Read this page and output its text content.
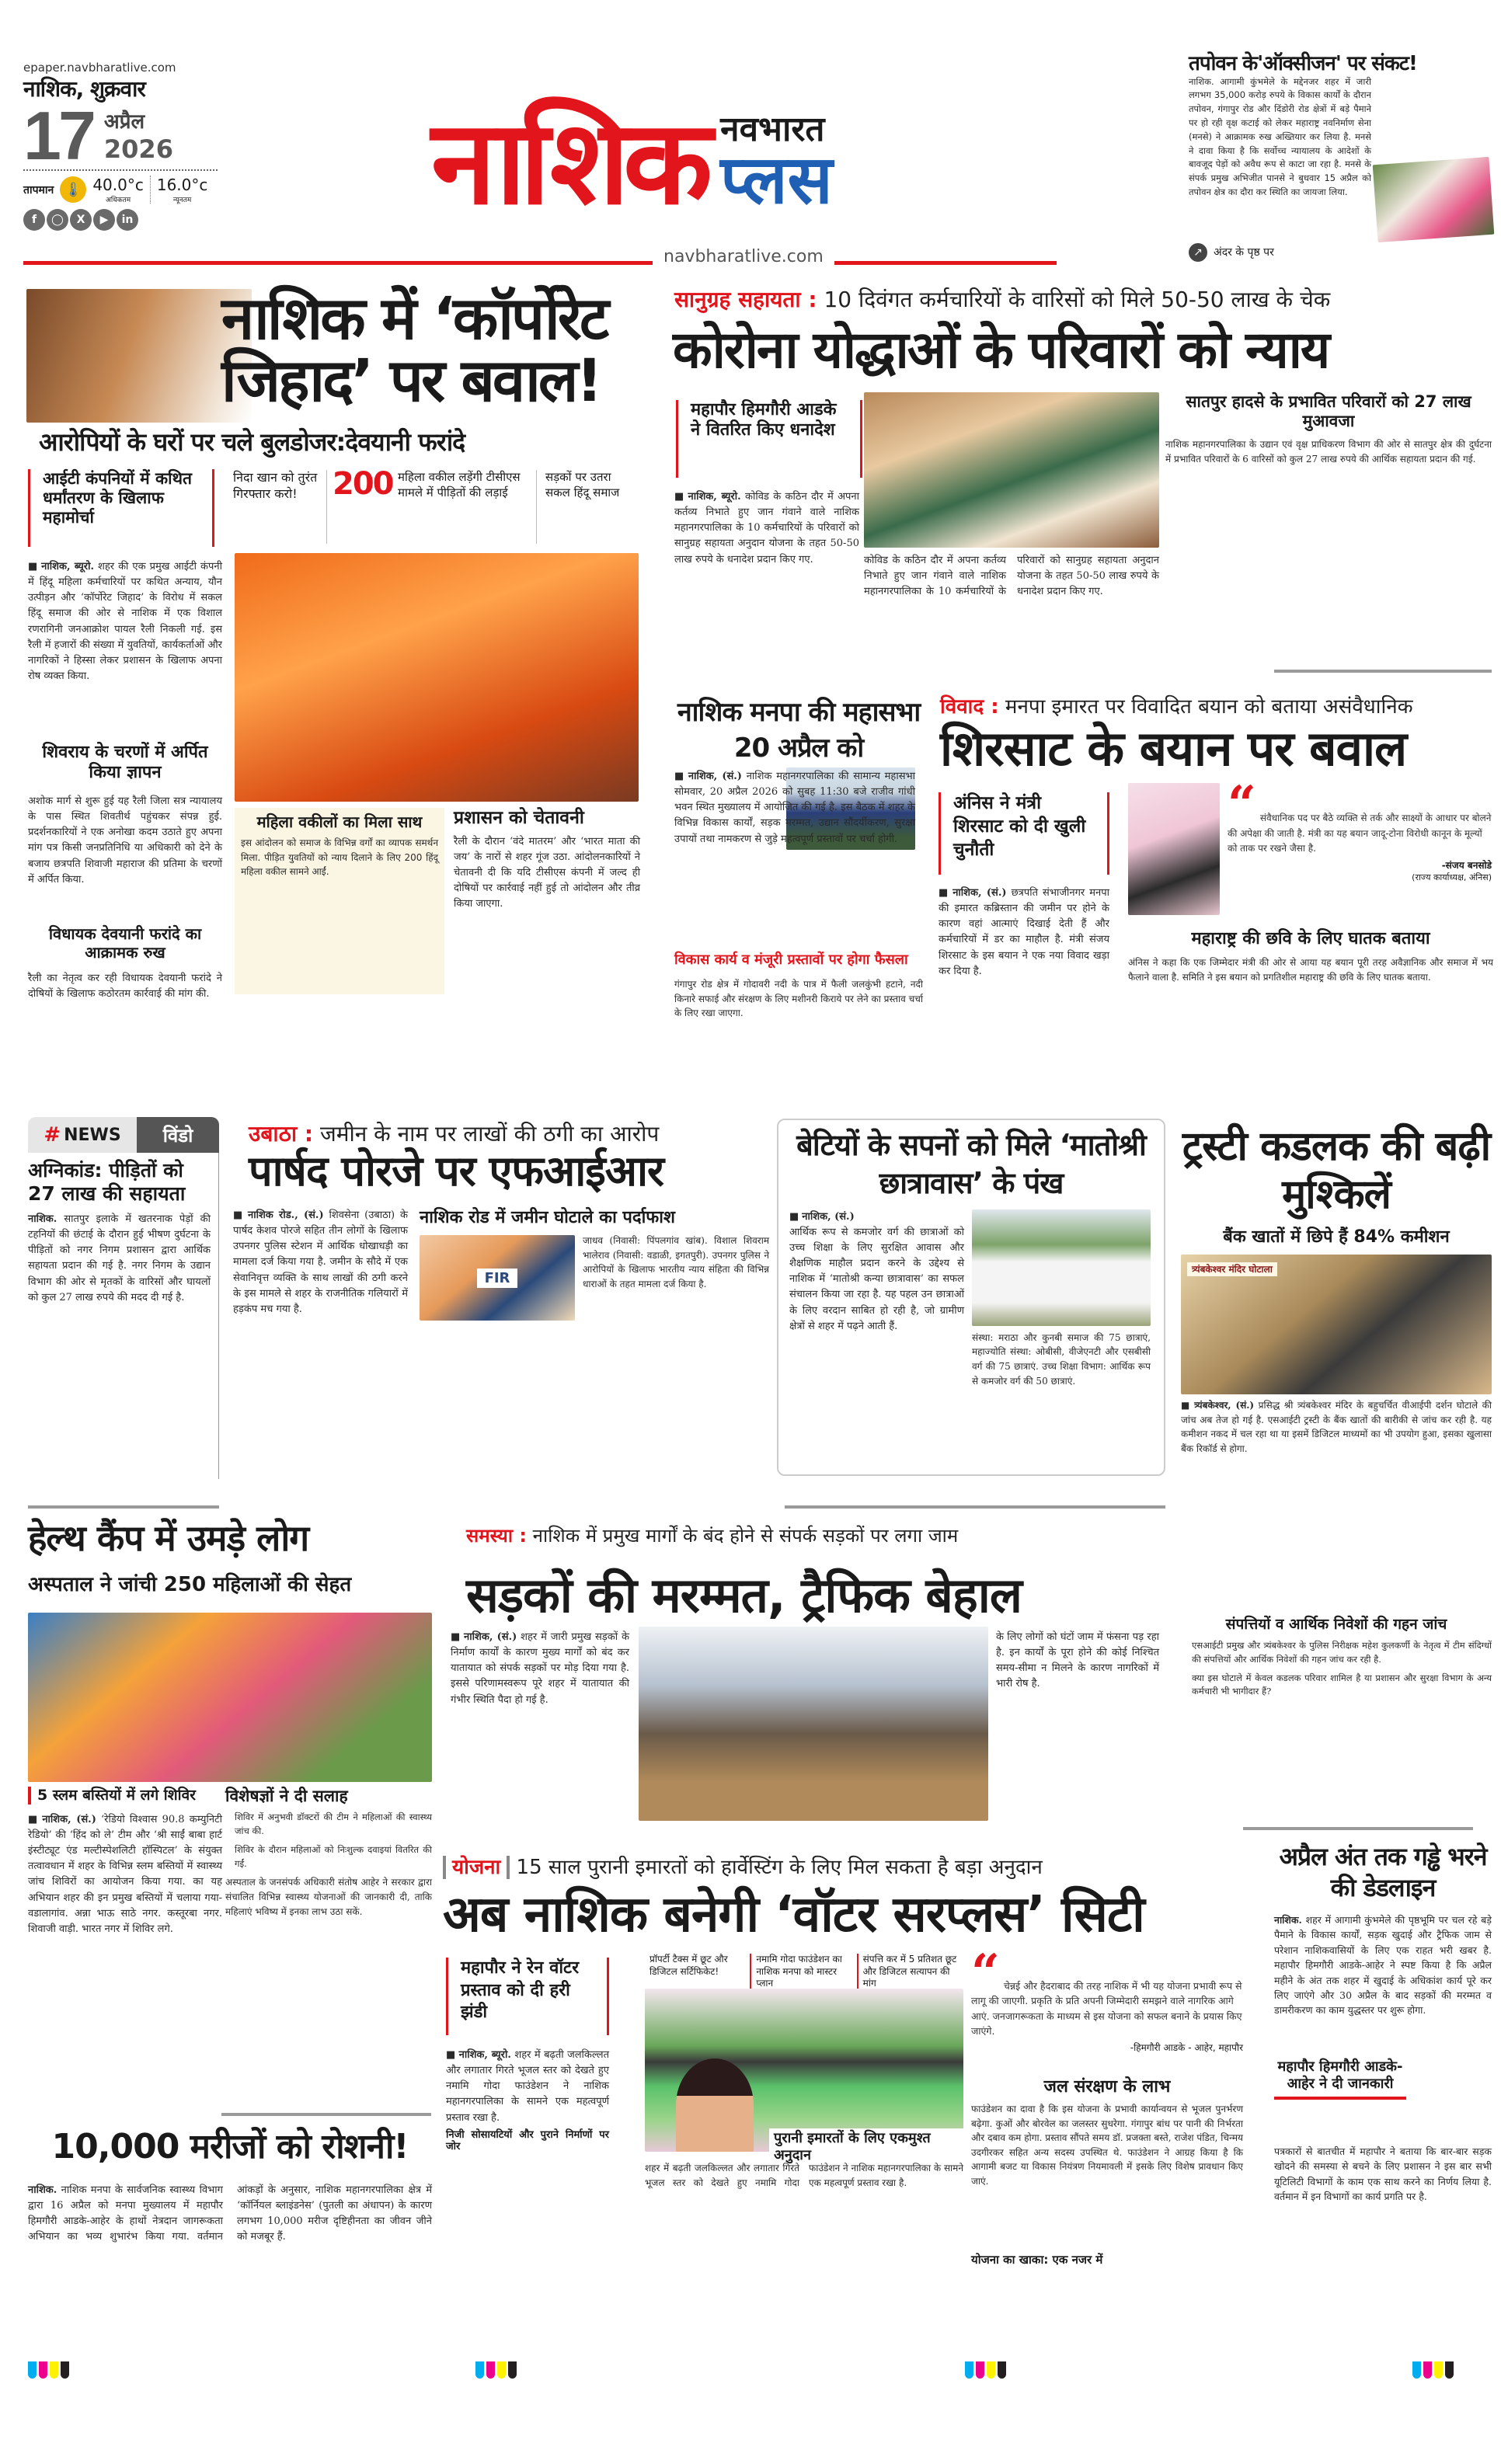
epaper.navbharatlive.com
नाशिक, शुक्रवार
17 अप्रैल
2026
तापमान 🌡 40.0°c
अधिकतम
16.0°c
न्यूनतम
f	◯	X	▶	in	नाशिक नवभारत
प्लस
navbharatlive.com
तपोवन के'ऑक्सीजन' पर संकट!
नाशिक. आगामी कुंभमेले के मद्देनजर शहर में जारी लगभग 35,000 करोड़ रुपये के विकास कार्यों के दौरान तपोवन, गंगापुर रोड और दिंडोरी रोड क्षेत्रों में बड़े पैमाने पर हो रही वृक्ष कटाई को लेकर महाराष्ट्र नवनिर्माण सेना (मनसे) ने आक्रामक रुख अख्तियार कर लिया है. मनसे ने दावा किया है कि सर्वोच्च न्यायालय के आदेशों के बावजूद पेड़ों को अवैध रूप से काटा जा रहा है. मनसे के संपर्क प्रमुख अभिजीत पानसे ने बुधवार 15 अप्रैल को तपोवन क्षेत्र का दौरा कर स्थिति का जायजा लिया.
↗	अंदर के पृष्ठ पर
नाशिक में ‘कॉर्पोरेट
जिहाद’ पर बवाल!
आरोपियों के घरों पर चले बुलडोजर:देवयानी फरांदे
आईटी कंपनियों में कथित धर्मांतरण के खिलाफ महामोर्चा
निदा खान को तुरंत गिरफ्तार करो!	200 महिला वकील लड़ेंगी टीसीएस मामले में पीड़ितों की लड़ाई
सड़कों पर उतरा सकल हिंदू समाज
■ नाशिक, ब्यूरो. शहर की एक प्रमुख आईटी कंपनी में हिंदू महिला कर्मचारियों पर कथित अन्याय, यौन उत्पीड़न और ‘कॉर्पोरेट जिहाद’ के विरोध में सकल हिंदू समाज की ओर से नाशिक में एक विशाल रणरागिनी जनआक्रोश पायल रैली निकली गई. इस रैली में हजारों की संख्या में युवतियों, कार्यकर्ताओं और नागरिकों ने हिस्सा लेकर प्रशासन के खिलाफ अपना रोष व्यक्त किया.
शिवराय के चरणों में अर्पित किया ज्ञापन
अशोक मार्ग से शुरू हुई यह रैली जिला सत्र न्यायालय के पास स्थित शिवतीर्थ पहुंचकर संपन्न हुई. प्रदर्शनकारियों ने एक अनोखा कदम उठाते हुए अपना मांग पत्र किसी जनप्रतिनिधि या अधिकारी को देने के बजाय छत्रपति शिवाजी महाराज की प्रतिमा के चरणों में अर्पित किया.
विधायक देवयानी फरांदे का आक्रामक रुख
रैली का नेतृत्व कर रही विधायक देवयानी फरांदे ने दोषियों के खिलाफ कठोरतम कार्रवाई की मांग की.
महिला वकीलों का मिला साथ
इस आंदोलन को समाज के विभिन्न वर्गों का व्यापक समर्थन मिला. पीड़ित युवतियों को न्याय दिलाने के लिए 200 हिंदू महिला वकील सामने आईं.
प्रशासन को चेतावनी
रैली के दौरान ‘वंदे मातरम’ और ‘भारत माता की जय’ के नारों से शहर गूंज उठा. आंदोलनकारियों ने चेतावनी दी कि यदि टीसीएस कंपनी में जल्द ही दोषियों पर कार्रवाई नहीं हुई तो आंदोलन और तीव्र किया जाएगा.
सानुग्रह सहायता : 10 दिवंगत कर्मचारियों के वारिसों को मिले 50-50 लाख के चेक
कोरोना योद्धाओं के परिवारों को न्याय
महापौर हिमगौरी आडके ने वितरित किए धनादेश
■ नाशिक, ब्यूरो. कोविड के कठिन दौर में अपना कर्तव्य निभाते हुए जान गंवाने वाले नाशिक महानगरपालिका के 10 कर्मचारियों के परिवारों को सानुग्रह सहायता अनुदान योजना के तहत 50-50 लाख रुपये के धनादेश प्रदान किए गए.	कोविड के कठिन दौर में अपना कर्तव्य निभाते हुए जान गंवाने वाले नाशिक महानगरपालिका के 10 कर्मचारियों के परिवारों को सानुग्रह सहायता अनुदान योजना के तहत 50-50 लाख रुपये के धनादेश प्रदान किए गए.
सातपुर हादसे के प्रभावित परिवारों को 27 लाख मुआवजा
नाशिक महानगरपालिका के उद्यान एवं वृक्ष प्राधिकरण विभाग की ओर से सातपुर क्षेत्र की दुर्घटना में प्रभावित परिवारों के 6 वारिसों को कुल 27 लाख रुपये की आर्थिक सहायता प्रदान की गई.
नाशिक मनपा की महासभा 20 अप्रैल को
■ नाशिक, (सं.) नाशिक महानगरपालिका की सामान्य महासभा सोमवार, 20 अप्रैल 2026 को सुबह 11:30 बजे राजीव गांधी भवन स्थित मुख्यालय में आयोजित की गई है. इस बैठक में शहर के विभिन्न विकास कार्यों, सड़क मरम्मत, उद्यान सौंदर्यीकरण, सुरक्षा उपायों तथा नामकरण से जुड़े महत्वपूर्ण प्रस्तावों पर चर्चा होगी.
विकास कार्य व मंजूरी प्रस्तावों पर होगा फैसला
गंगापुर रोड क्षेत्र में गोदावरी नदी के पात्र में फैली जलकुंभी हटाने, नदी किनारे सफाई और संरक्षण के लिए मशीनरी किराये पर लेने का प्रस्ताव चर्चा के लिए रखा जाएगा.
विवाद : मनपा इमारत पर विवादित बयान को बताया असंवैधानिक
शिरसाट के बयान पर बवाल
अंनिस ने मंत्री शिरसाट को दी खुली चुनौती
■ नाशिक, (सं.) छत्रपति संभाजीनगर मनपा की इमारत कब्रिस्तान की जमीन पर होने के कारण वहां आत्माएं दिखाई देती हैं और कर्मचारियों में डर का माहौल है. मंत्री संजय शिरसाट के इस बयान ने एक नया विवाद खड़ा कर दिया है.
“ संवैधानिक पद पर बैठे व्यक्ति से तर्क और साक्ष्यों के आधार पर बोलने की अपेक्षा की जाती है. मंत्री का यह बयान जादू-टोना विरोधी कानून के मूल्यों को ताक पर रखने जैसा है.
-संजय बनसोडे
(राज्य कार्याध्यक्ष, अंनिस)
महाराष्ट्र की छवि के लिए घातक बताया
अंनिस ने कहा कि एक जिम्मेदार मंत्री की ओर से आया यह बयान पूरी तरह अवैज्ञानिक और समाज में भय फैलाने वाला है. समिति ने इस बयान को प्रगतिशील महाराष्ट्र की छवि के लिए घातक बताया.
# NEWS	विंडो
अग्निकांड: पीड़ितों को 27 लाख की सहायता
नाशिक. सातपुर इलाके में खतरनाक पेड़ों की टहनियों की छंटाई के दौरान हुई भीषण दुर्घटना के पीड़ितों को नगर निगम प्रशासन द्वारा आर्थिक सहायता प्रदान की गई है. नगर निगम के उद्यान विभाग की ओर से मृतकों के वारिसों और घायलों को कुल 27 लाख रुपये की मदद दी गई है.
उबाठा : जमीन के नाम पर लाखों की ठगी का आरोप
पार्षद पोरजे पर एफआईआर
■ नाशिक रोड., (सं.) शिवसेना (उबाठा) के पार्षद केशव पोरजे सहित तीन लोगों के खिलाफ उपनगर पुलिस स्टेशन में आर्थिक धोखाधड़ी का मामला दर्ज किया गया है. जमीन के सौदे में एक सेवानिवृत्त व्यक्ति के साथ लाखों की ठगी करने के इस मामले से शहर के राजनीतिक गलियारों में हड़कंप मच गया है.
नाशिक रोड में जमीन घोटाले का पर्दाफाश
FIR
जाधव (निवासी: पिंपलगांव खांब). विशाल शिवराम भालेराव (निवासी: वडाळी, इगतपुरी). उपनगर पुलिस ने आरोपियों के खिलाफ भारतीय न्याय संहिता की विभिन्न धाराओं के तहत मामला दर्ज किया है.
बेटियों के सपनों को मिले ‘मातोश्री छात्रावास’ के पंख
■ नाशिक, (सं.)
आर्थिक रूप से कमजोर वर्ग की छात्राओं को उच्च शिक्षा के लिए सुरक्षित आवास और शैक्षणिक माहौल प्रदान करने के उद्देश्य से नाशिक में ‘मातोश्री कन्या छात्रावास’ का सफल संचालन किया जा रहा है. यह पहल उन छात्राओं के लिए वरदान साबित हो रही है, जो ग्रामीण क्षेत्रों से शहर में पढ़ने आती हैं.
संस्था: मराठा और कुनबी समाज की 75 छात्राएं, महाज्योति संस्था: ओबीसी, वीजेएनटी और एसबीसी वर्ग की 75 छात्राएं. उच्च शिक्षा विभाग: आर्थिक रूप से कमजोर वर्ग की 50 छात्राएं.
ट्रस्टी कडलक की बढ़ी मुश्किलें
बैंक खातों में छिपे हैं 84% कमीशन
त्र्यंबकेश्वर मंदिर घोटाला
■ त्र्यंबकेश्वर, (सं.) प्रसिद्ध श्री त्र्यंबकेश्वर मंदिर के बहुचर्चित वीआईपी दर्शन घोटाले की जांच अब तेज हो गई है. एसआईटी ट्रस्टी के बैंक खातों की बारीकी से जांच कर रही है. यह कमीशन नकद में चल रहा था या इसमें डिजिटल माध्यमों का भी उपयोग हुआ, इसका खुलासा बैंक रिकॉर्ड से होगा.
संपत्तियों व आर्थिक निवेशों की गहन जांच
एसआईटी प्रमुख और त्र्यंबकेश्वर के पुलिस निरीक्षक महेश कुलकर्णी के नेतृत्व में टीम संदिग्धों की संपत्तियों और आर्थिक निवेशों की गहन जांच कर रही है.
क्या इस घोटाले में केवल कडलक परिवार शामिल है या प्रशासन और सुरक्षा विभाग के अन्य कर्मचारी भी भागीदार हैं?
हेल्थ कैंप में उमड़े लोग
अस्पताल ने जांची 250 महिलाओं की सेहत
5 स्लम बस्तियों में लगे शिविर
■ नाशिक, (सं.) ‘रेडियो विश्वास 90.8 कम्युनिटी रेडियो’ की ‘हिंद को ले’ टीम और ‘श्री साईं बाबा हार्ट इंस्टीट्यूट एंड मल्टीस्पेशलिटी हॉस्पिटल’ के संयुक्त तत्वावधान में शहर के विभिन्न स्लम बस्तियों में स्वास्थ्य जांच शिविरों का आयोजन किया गया. का यह अभियान शहर की इन प्रमुख बस्तियों में चलाया गया- वडालागांव. अन्ना भाऊ साठे नगर. कस्तूरबा नगर. शिवाजी वाड़ी. भारत नगर में शिविर लगे.
विशेषज्ञों ने दी सलाह
शिविर में अनुभवी डॉक्टरों की टीम ने महिलाओं की स्वास्थ्य जांच की.
शिविर के दौरान महिलाओं को निःशुल्क दवाइयां वितरित की गईं.
अस्पताल के जनसंपर्क अधिकारी संतोष आहेर ने सरकार द्वारा संचालित विभिन्न स्वास्थ्य योजनाओं की जानकारी दी, ताकि महिलाएं भविष्य में इनका लाभ उठा सकें.
समस्या : नाशिक में प्रमुख मार्गों के बंद होने से संपर्क सड़कों पर लगा जाम
सड़कों की मरम्मत, ट्रैफिक बेहाल
■ नाशिक, (सं.) शहर में जारी प्रमुख सड़कों के निर्माण कार्यों के कारण मुख्य मार्गों को बंद कर यातायात को संपर्क सड़कों पर मोड़ दिया गया है. इससे परिणामस्वरूप पूरे शहर में यातायात की गंभीर स्थिति पैदा हो गई है.
के लिए लोगों को घंटों जाम में फंसना पड़ रहा है. इन कार्यों के पूरा होने की कोई निश्चित समय-सीमा न मिलने के कारण नागरिकों में भारी रोष है.
10,000 मरीजों को रोशनी!
नाशिक. नाशिक मनपा के सार्वजनिक स्वास्थ्य विभाग द्वारा 16 अप्रैल को मनपा मुख्यालय में महापौर हिमगौरी आडके-आहेर के हाथों नेत्रदान जागरूकता अभियान का भव्य शुभारंभ किया गया. वर्तमान आंकड़ों के अनुसार, नाशिक महानगरपालिका क्षेत्र में ‘कॉर्नियल ब्लाइंडनेस’ (पुतली का अंधापन) के कारण लगभग 10,000 मरीज दृष्टिहीनता का जीवन जीने को मजबूर हैं.
योजना 15 साल पुरानी इमारतों को हार्वेस्टिंग के लिए मिल सकता है बड़ा अनुदान
अब नाशिक बनेगी ‘वॉटर सरप्लस’ सिटी
महापौर ने रेन वॉटर प्रस्ताव को दी हरी झंडी
■ नाशिक, ब्यूरो. शहर में बढ़ती जलकिल्लत और लगातार गिरते भूजल स्तर को देखते हुए नमामि गोदा फाउंडेशन ने नाशिक महानगरपालिका के सामने एक महत्वपूर्ण प्रस्ताव रखा है.
निजी सोसायटियों और पुराने निर्माणों पर जोर
प्रॉपर्टी टैक्स में छूट और डिजिटल सर्टिफिकेट!
नमामि गोदा फाउंडेशन का नाशिक मनपा को मास्टर प्लान
संपत्ति कर में 5 प्रतिशत छूट और डिजिटल सत्यापन की मांग
पुरानी इमारतों के लिए एकमुश्त अनुदान
शहर में बढ़ती जलकिल्लत और लगातार गिरते भूजल स्तर को देखते हुए नमामि गोदा फाउंडेशन ने नाशिक महानगरपालिका के सामने एक महत्वपूर्ण प्रस्ताव रखा है.
“ चेन्नई और हैदराबाद की तरह नाशिक में भी यह योजना प्रभावी रूप से लागू की जाएगी. प्रकृति के प्रति अपनी जिम्मेदारी समझने वाले नागरिक आगे आएं. जनजागरूकता के माध्यम से इस योजना को सफल बनाने के प्रयास किए जाएंगे.
-हिमगौरी आडके - आहेर, महापौर
जल संरक्षण के लाभ
फाउंडेशन का दावा है कि इस योजना के प्रभावी कार्यान्वयन से भूजल पुनर्भरण बढ़ेगा. कुओं और बोरवेल का जलस्तर सुधरेगा. गंगापुर बांध पर पानी की निर्भरता और दबाव कम होगा. प्रस्ताव सौंपते समय डॉ. प्रजक्ता बस्ते, राजेश पंडित, चिन्मय उदगीरकर सहित अन्य सदस्य उपस्थित थे. फाउंडेशन ने आग्रह किया है कि आगामी बजट या विकास नियंत्रण नियमावली में इसके लिए विशेष प्रावधान किए जाएं.
योजना का खाका: एक नजर में
अप्रैल अंत तक गड्ढे भरने की डेडलाइन
नाशिक. शहर में आगामी कुंभमेले की पृष्ठभूमि पर चल रहे बड़े पैमाने के विकास कार्यों, सड़क खुदाई और ट्रैफिक जाम से परेशान नाशिकवासियों के लिए एक राहत भरी खबर है. महापौर हिमगौरी आडके-आहेर ने स्पष्ट किया है कि अप्रैल महीने के अंत तक शहर में खुदाई के अधिकांश कार्य पूरे कर लिए जाएंगे और 30 अप्रैल के बाद सड़कों की मरम्मत व डामरीकरण का काम युद्धस्तर पर शुरू होगा.
महापौर हिमगौरी आडके-आहेर ने दी जानकारी
पत्रकारों से बातचीत में महापौर ने बताया कि बार-बार सड़क खोदने की समस्या से बचने के लिए प्रशासन ने इस बार सभी यूटिलिटी विभागों के काम एक साथ करने का निर्णय लिया है. वर्तमान में इन विभागों का कार्य प्रगति पर है.
